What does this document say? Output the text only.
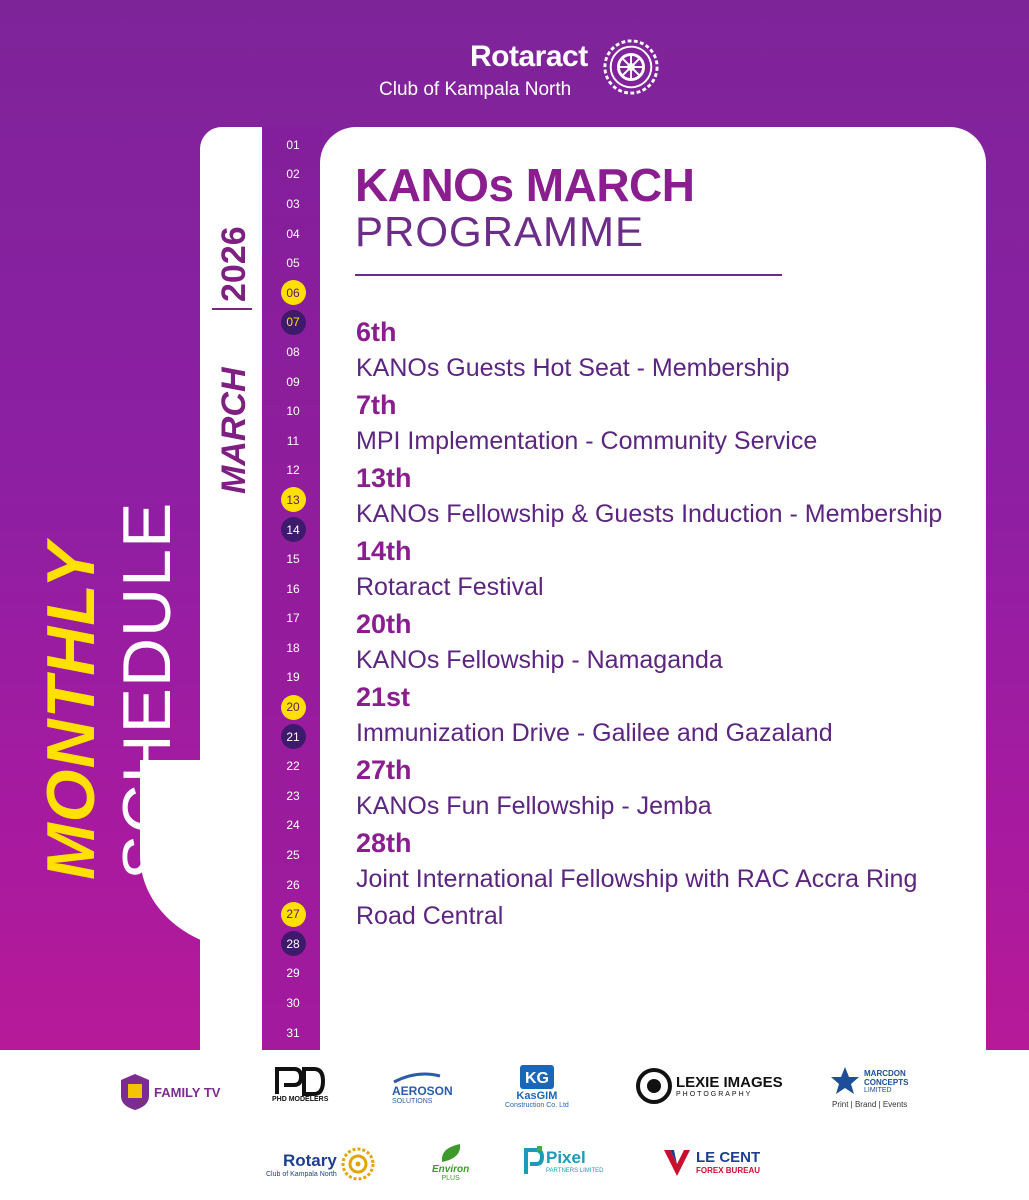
Rotaract
Club of Kampala North
MONTHLY SCHEDULE
MARCH
2026
01
02
03
04
05
06
07
08
09
10
11
12
13
14
15
16
17
18
19
20
21
22
23
24
25
26
27
28
29
30
31
KANOs MARCH
PROGRAMME
6th
KANOs Guests Hot Seat - Membership
7th
MPI Implementation - Community Service
13th
KANOs Fellowship & Guests Induction - Membership
14th
Rotaract Festival
20th
KANOs Fellowship - Namaganda
21st
Immunization Drive - Galilee and Gazaland
27th
KANOs Fun Fellowship - Jemba
28th
Joint International Fellowship with RAC Accra Ring Road Central
FAMILY TV	PHD MODELERS
AEROSON
SOLUTIONS
KG
KasGIM
Construction Co. Ltd
LEXIE IMAGES
PHOTOGRAPHY
MARCDON
CONCEPTS
LIMITED
Print | Brand | Events
Rotary
Club of Kampala North	Environ
PLUS
Pixel
PARTNERS LIMITED
LE CENT
FOREX BUREAU
